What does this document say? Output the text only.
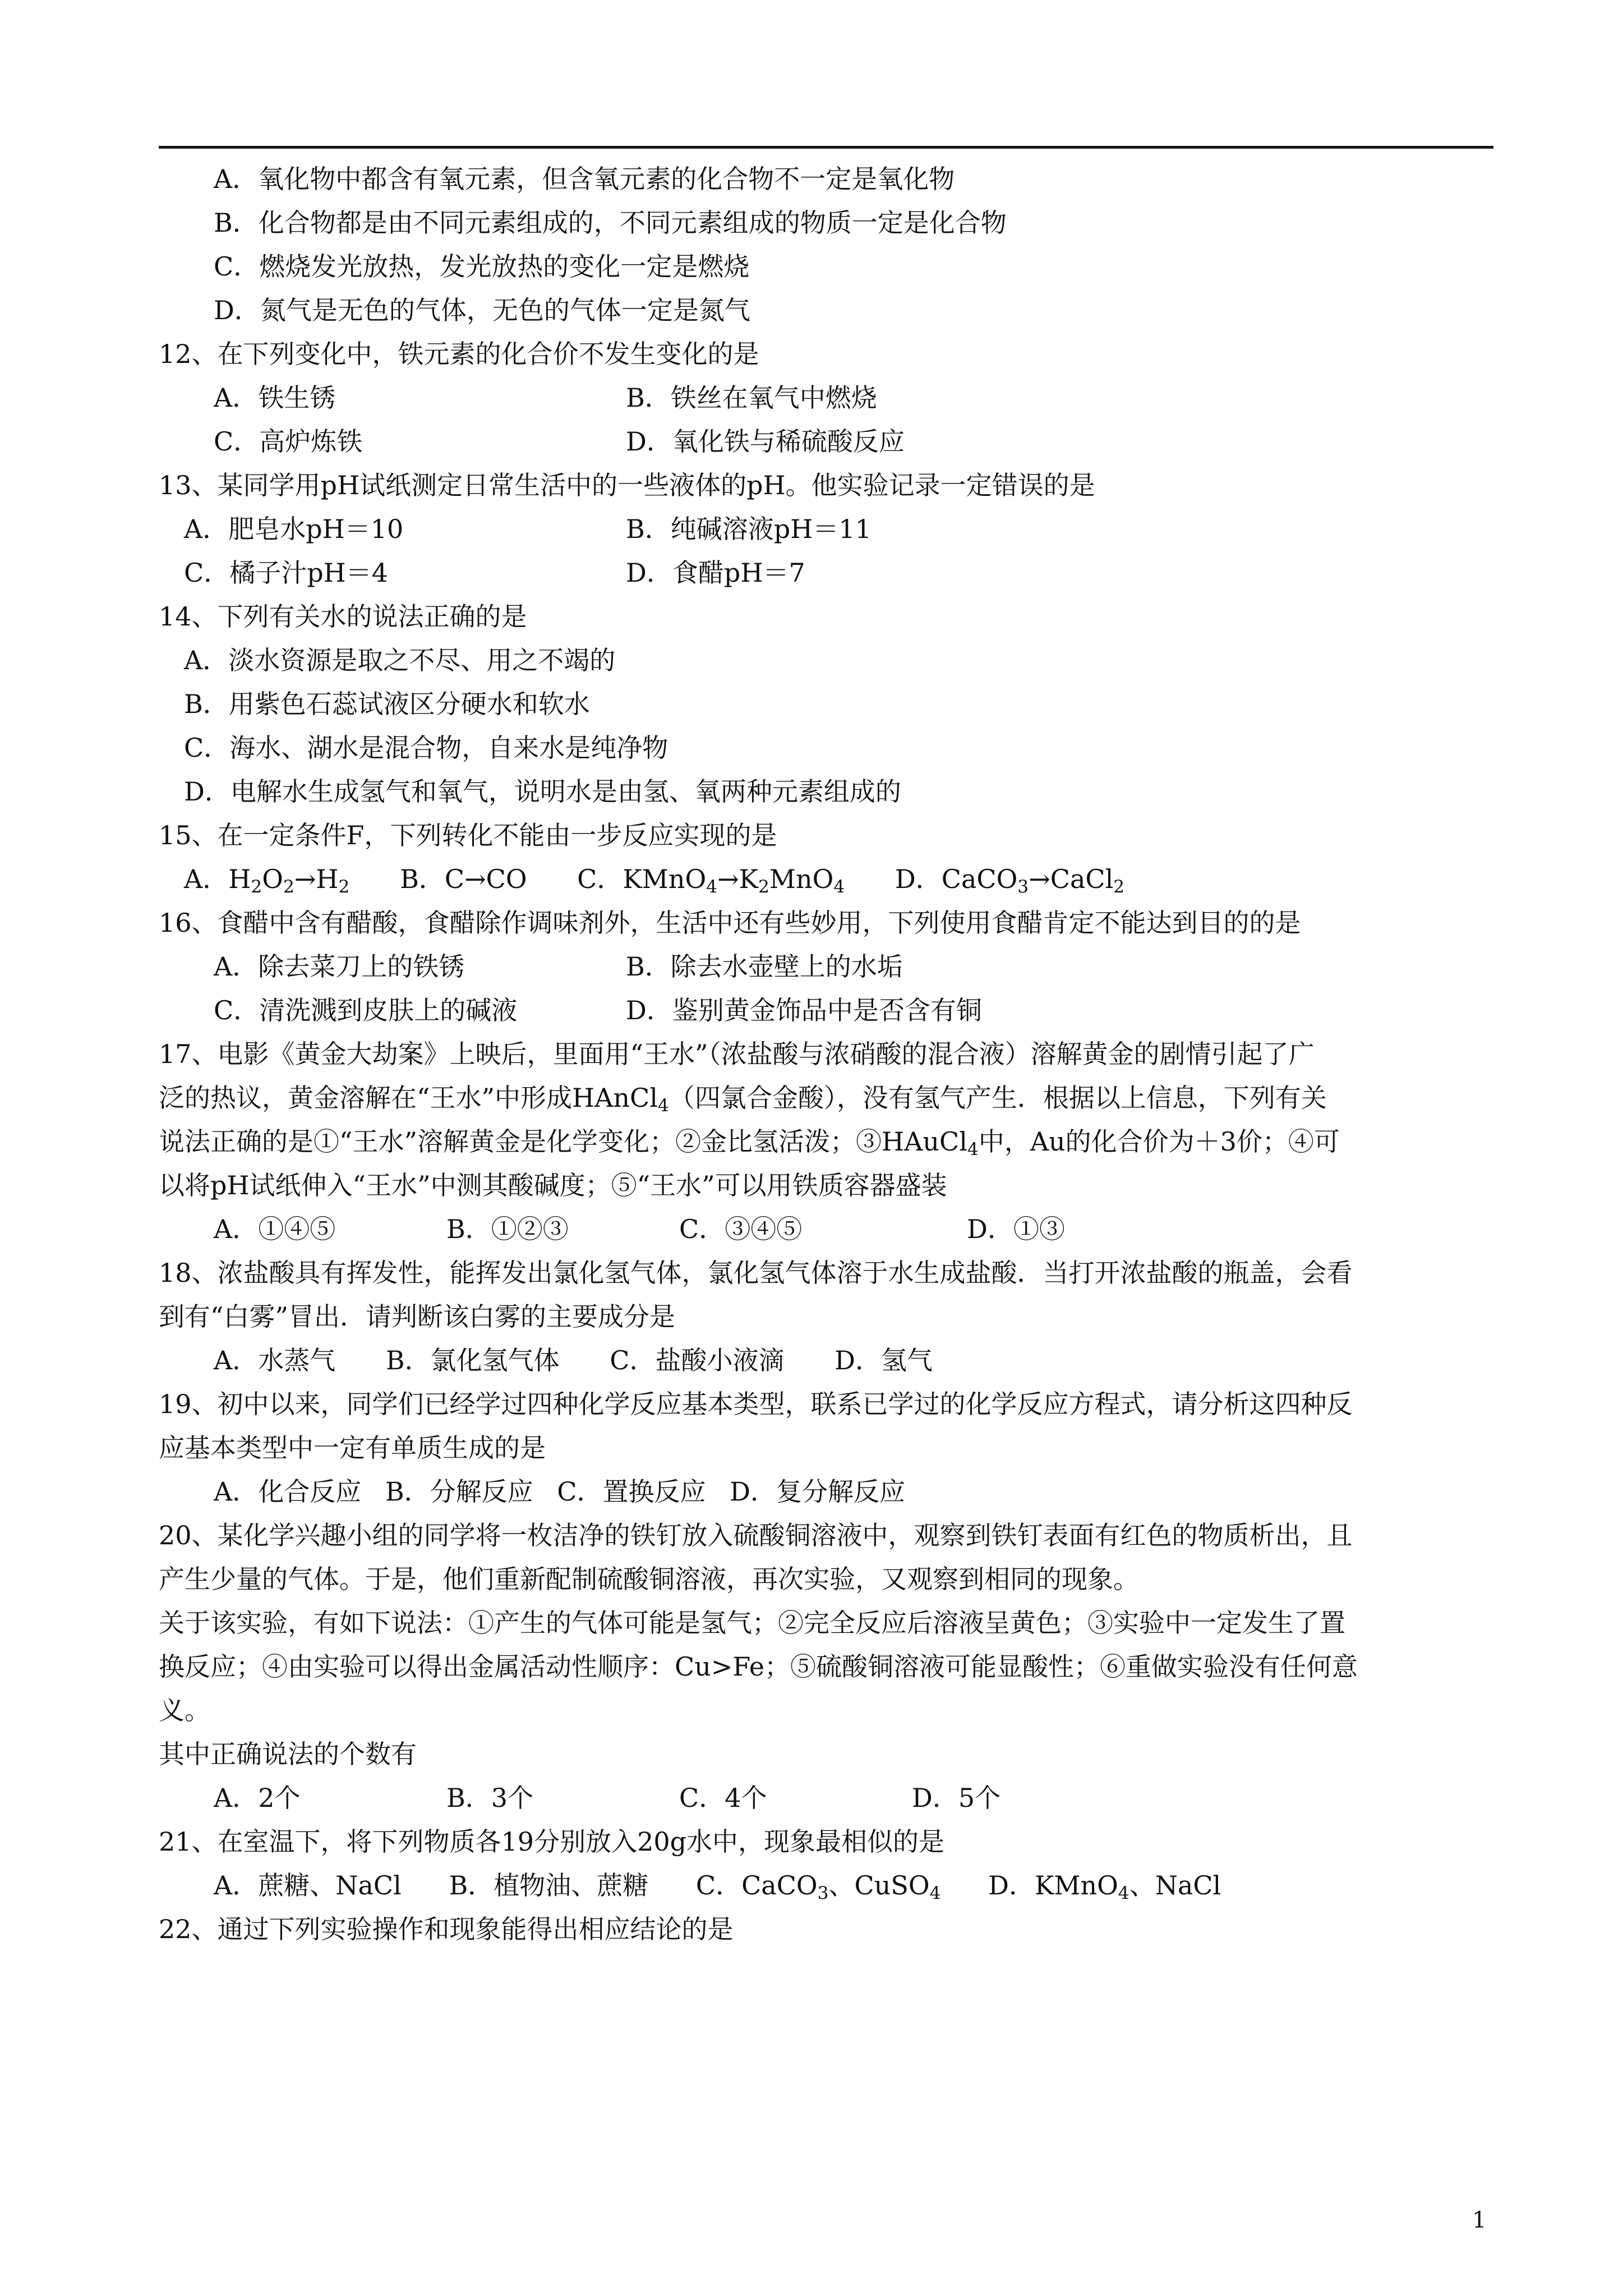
A．氧化物中都含有氧元素，但含氧元素的化合物不一定是氧化物
B．化合物都是由不同元素组成的，不同元素组成的物质一定是化合物
C．燃烧发光放热，发光放热的变化一定是燃烧
D．氮气是无色的气体，无色的气体一定是氮气
12、在下列变化中，铁元素的化合价不发生变化的是
A．铁生锈	B．铁丝在氧气中燃烧
C．高炉炼铁	D．氧化铁与稀硫酸反应
13、某同学用pH试纸测定日常生活中的一些液体的pH。他实验记录一定错误的是
A．肥皂水pH＝10	B．纯碱溶液pH＝11
C．橘子汁pH＝4	D．食醋pH＝7
14、下列有关水的说法正确的是
A．淡水资源是取之不尽、用之不竭的
B．用紫色石蕊试液区分硬水和软水
C．海水、湖水是混合物，自来水是纯净物
D．电解水生成氢气和氧气，说明水是由氢、氧两种元素组成的
15、在一定条件F，下列转化不能由一步反应实现的是
A．$H_2O_2\to H_2$ B．C→CO C．$KMnO_4\to K_2MnO_4$ D．CaCO$_3$→CaCl$_2$
16、食醋中含有醋酸，食醋除作调味剂外，生活中还有些妙用，下列使用食醋肯定不能达到目的的是
A．除去菜刀上的铁锈	B．除去水壶壁上的水垢
C．清洗溅到皮肤上的碱液	D．鉴别黄金饰品中是否含有铜
17、电影《黄金大劫案》上映后，里面用“王水”（浓盐酸与浓硝酸的混合液）溶解黄金的剧情引起了广
泛的热议，黄金溶解在“王水”中形成HAnCl$_4$（四氯合金酸），没有氢气产生．根据以上信息，下列有关
说法正确的是①“王水”溶解黄金是化学变化；②金比氢活泼；③HAuCl$_4$中，Au的化合价为＋3价；④可
以将pH试纸伸入“王水”中测其酸碱度；⑤“王水”可以用铁质容器盛装
A．①④⑤	B．①②③	C．③④⑤	D．①③
18、浓盐酸具有挥发性，能挥发出氯化氢气体，氯化氢气体溶于水生成盐酸．当打开浓盐酸的瓶盖，会看
到有“白雾”冒出．请判断该白雾的主要成分是
A．水蒸气 B．氯化氢气体 C．盐酸小液滴 D．氢气
19、初中以来，同学们已经学过四种化学反应基本类型，联系已学过的化学反应方程式，请分析这四种反
应基本类型中一定有单质生成的是
A．化合反应 B．分解反应 C．置换反应 D．复分解反应
20、某化学兴趣小组的同学将一枚洁净的铁钉放入硫酸铜溶液中，观察到铁钉表面有红色的物质析出，且
产生少量的气体。于是，他们重新配制硫酸铜溶液，再次实验，又观察到相同的现象。
关于该实验，有如下说法：①产生的气体可能是氢气；②完全反应后溶液呈黄色；③实验中一定发生了置
换反应；④由实验可以得出金属活动性顺序：Cu>Fe；⑤硫酸铜溶液可能显酸性；⑥重做实验没有任何意
义。
其中正确说法的个数有
A．2个	B．3个	C．4个	D．5个
21、在室温下，将下列物质各19分别放入20g水中，现象最相似的是
A．蔗糖、NaCl B．植物油、蔗糖 C．CaCO$_3$、CuSO$_4$ D．KMnO$_4$、NaCl
22、通过下列实验操作和现象能得出相应结论的是
1
